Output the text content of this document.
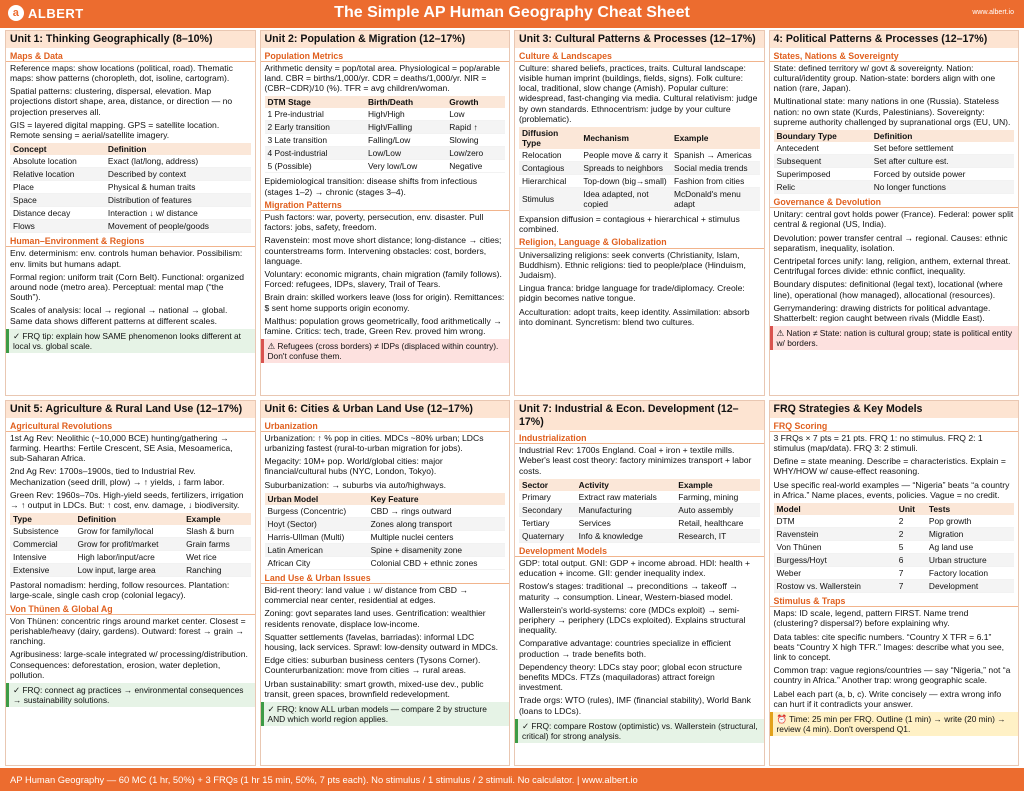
a ALBERT	The Simple AP Human Geography Cheat Sheet	www.albert.io
Unit 1: Thinking Geographically (8–10%)
Maps & Data

Reference maps: show locations (political, road). Thematic maps: show patterns (choropleth, dot, isoline, cartogram).

Spatial patterns: clustering, dispersal, elevation. Map projections distort shape, area, distance, or direction — no projection preserves all.

GIS = layered digital mapping. GPS = satellite location. Remote sensing = aerial/satellite imagery.

Concept	Definition
Absolute location	Exact (lat/long, address)
Relative location	Described by context
Place	Physical & human traits
Space	Distribution of features
Distance decay	Interaction ↓ w/ distance
Flows	Movement of people/goods
Human–Environment & Regions

Env. determinism: env. controls human behavior. Possibilism: env. limits but humans adapt.

Formal region: uniform trait (Corn Belt). Functional: organized around node (metro area). Perceptual: mental map (“the South”).

Scales of analysis: local → regional → national → global. Same data shows different patterns at different scales.

✓ FRQ tip: explain how SAME phenomenon looks different at local vs. global scale.
Unit 2: Population & Migration (12–17%)
Population Metrics

Arithmetic density = pop/total area. Physiological = pop/arable land. CBR = births/1,000/yr. CDR = deaths/1,000/yr. NIR = (CBR−CDR)/10 (%). TFR = avg children/woman.

DTM Stage	Birth/Death	Growth
1 Pre-industrial	High/High	Low
2 Early transition	High/Falling	Rapid ↑
3 Late transition	Falling/Low	Slowing
4 Post-industrial	Low/Low	Low/zero
5 (Possible)	Very low/Low	Negative

Epidemiological transition: disease shifts from infectious (stages 1–2) → chronic (stages 3–4).

Migration Patterns

Push factors: war, poverty, persecution, env. disaster. Pull factors: jobs, safety, freedom.

Ravenstein: most move short distance; long-distance → cities; counterstreams form. Intervening obstacles: cost, borders, language.

Voluntary: economic migrants, chain migration (family follows). Forced: refugees, IDPs, slavery, Trail of Tears.

Brain drain: skilled workers leave (loss for origin). Remittances: $ sent home supports origin economy.

Malthus: population grows geometrically, food arithmetically → famine. Critics: tech, trade, Green Rev. proved him wrong.

⚠ Refugees (cross borders) ≠ IDPs (displaced within country). Don't confuse them.
Unit 3: Cultural Patterns & Processes (12–17%)
Culture & Landscapes

Culture: shared beliefs, practices, traits. Cultural landscape: visible human imprint (buildings, fields, signs). Folk culture: local, traditional, slow change (Amish). Popular culture: widespread, fast-changing via media. Cultural relativism: judge by own standards. Ethnocentrism: judge by your culture (problematic).

Diffusion Type	Mechanism	Example
Relocation	People move & carry it	Spanish → Americas
Contagious	Spreads to neighbors	Social media trends
Hierarchical	Top-down (big→small)	Fashion from cities
Stimulus	Idea adapted, not copied	McDonald's menu adapt

Expansion diffusion = contagious + hierarchical + stimulus combined.

Religion, Language & Globalization

Universalizing religions: seek converts (Christianity, Islam, Buddhism). Ethnic religions: tied to people/place (Hinduism, Judaism).

Lingua franca: bridge language for trade/diplomacy. Creole: pidgin becomes native tongue.

Acculturation: adopt traits, keep identity. Assimilation: absorb into dominant. Syncretism: blend two cultures.

4: Political Patterns & Processes (12–17%)
States, Nations & Sovereignty

State: defined territory w/ govt & sovereignty. Nation: cultural/identity group. Nation-state: borders align with one nation (rare, Japan).

Multinational state: many nations in one (Russia). Stateless nation: no own state (Kurds, Palestinians). Sovereignty: supreme authority challenged by supranational orgs (EU, UN).

Boundary Type	Definition
Antecedent	Set before settlement
Subsequent	Set after culture est.
Superimposed	Forced by outside power
Relic	No longer functions
Governance & Devolution

Unitary: central govt holds power (France). Federal: power split central & regional (US, India).

Devolution: power transfer central → regional. Causes: ethnic separatism, inequality, isolation.

Centripetal forces unify: lang, religion, anthem, external threat. Centrifugal forces divide: ethnic conflict, inequality.

Boundary disputes: definitional (legal text), locational (where line), operational (how managed), allocational (resources).

Gerrymandering: drawing districts for political advantage. Shatterbelt: region caught between rivals (Middle East).

⚠ Nation ≠ State: nation is cultural group; state is political entity w/ borders.
Unit 5: Agriculture & Rural Land Use (12–17%)
Agricultural Revolutions

1st Ag Rev: Neolithic (~10,000 BCE) hunting/gathering → farming. Hearths: Fertile Crescent, SE Asia, Mesoamerica, sub-Saharan Africa.

2nd Ag Rev: 1700s–1900s, tied to Industrial Rev. Mechanization (seed drill, plow) → ↑ yields, ↓ farm labor.

Green Rev: 1960s–70s. High-yield seeds, fertilizers, irrigation → ↑ output in LDCs. But: ↑ cost, env. damage, ↓ biodiversity.

Type	Definition	Example
Subsistence	Grow for family/local	Slash & burn
Commercial	Grow for profit/market	Grain farms
Intensive	High labor/input/acre	Wet rice
Extensive	Low input, large area	Ranching

Pastoral nomadism: herding, follow resources. Plantation: large-scale, single cash crop (colonial legacy).

Von Thünen & Global Ag

Von Thünen: concentric rings around market center. Closest = perishable/heavy (dairy, gardens). Outward: forest → grain → ranching.

Agribusiness: large-scale integrated w/ processing/distribution. Consequences: deforestation, erosion, water depletion, pollution.

✓ FRQ: connect ag practices → environmental consequences → sustainability solutions.
Unit 6: Cities & Urban Land Use (12–17%)
Urbanization

Urbanization: ↑ % pop in cities. MDCs ~80% urban; LDCs urbanizing fastest (rural-to-urban migration for jobs).

Megacity: 10M+ pop. World/global cities: major financial/cultural hubs (NYC, London, Tokyo).

Suburbanization: → suburbs via auto/highways.

Urban Model	Key Feature
Burgess (Concentric)	CBD → rings outward
Hoyt (Sector)	Zones along transport
Harris-Ullman (Multi)	Multiple nuclei centers
Latin American	Spine + disamenity zone
African City	Colonial CBD + ethnic zones
Land Use & Urban Issues

Bid-rent theory: land value ↓ w/ distance from CBD → commercial near center, residential at edges.

Zoning: govt separates land uses. Gentrification: wealthier residents renovate, displace low-income.

Squatter settlements (favelas, barriadas): informal LDC housing, lack services. Sprawl: low-density outward in MDCs.

Edge cities: suburban business centers (Tysons Corner). Counterurbanization: move from cities → rural areas.

Urban sustainability: smart growth, mixed-use dev., public transit, green spaces, brownfield redevelopment.

✓ FRQ: know ALL urban models — compare 2 by structure AND which world region applies.
Unit 7: Industrial & Econ. Development (12–17%)
Industrialization

Industrial Rev: 1700s England. Coal + iron + textile mills. Weber's least cost theory: factory minimizes transport + labor costs.

Sector	Activity	Example
Primary	Extract raw materials	Farming, mining
Secondary	Manufacturing	Auto assembly
Tertiary	Services	Retail, healthcare
Quaternary	Info & knowledge	Research, IT
Development Models

GDP: total output. GNI: GDP + income abroad. HDI: health + education + income. GII: gender inequality index.

Rostow's stages: traditional → preconditions → takeoff → maturity → consumption. Linear, Western-biased model.

Wallerstein's world-systems: core (MDCs exploit) → semi-periphery → periphery (LDCs exploited). Explains structural inequality.

Comparative advantage: countries specialize in efficient production → trade benefits both.

Dependency theory: LDCs stay poor; global econ structure benefits MDCs. FTZs (maquiladoras) attract foreign investment.

Trade orgs: WTO (rules), IMF (financial stability), World Bank (loans to LDCs).

✓ FRQ: compare Rostow (optimistic) vs. Wallerstein (structural, critical) for strong analysis.
FRQ Strategies & Key Models
FRQ Scoring

3 FRQs × 7 pts = 21 pts. FRQ 1: no stimulus. FRQ 2: 1 stimulus (map/data). FRQ 3: 2 stimuli.

Define = state meaning. Describe = characteristics. Explain = WHY/HOW w/ cause-effect reasoning.

Use specific real-world examples — “Nigeria” beats “a country in Africa.” Name places, events, policies. Vague = no credit.

Model	Unit	Tests
DTM	2	Pop growth
Ravenstein	2	Migration
Von Thünen	5	Ag land use
Burgess/Hoyt	6	Urban structure
Weber	7	Factory location
Rostow vs. Wallerstein	7	Development
Stimulus & Traps

Maps: ID scale, legend, pattern FIRST. Name trend (clustering? dispersal?) before explaining why.

Data tables: cite specific numbers. “Country X TFR = 6.1” beats “Country X high TFR.” Images: describe what you see, link to concept.

Common trap: vague regions/countries — say “Nigeria,” not “a country in Africa.” Another trap: wrong geographic scale.

Label each part (a, b, c). Write concisely — extra wrong info can hurt if it contradicts your answer.

⏰ Time: 25 min per FRQ. Outline (1 min) → write (20 min) → review (4 min). Don't overspend Q1.
AP Human Geography — 60 MC (1 hr, 50%) + 3 FRQs (1 hr 15 min, 50%, 7 pts each). No stimulus / 1 stimulus / 2 stimuli. No calculator. | www.albert.io
